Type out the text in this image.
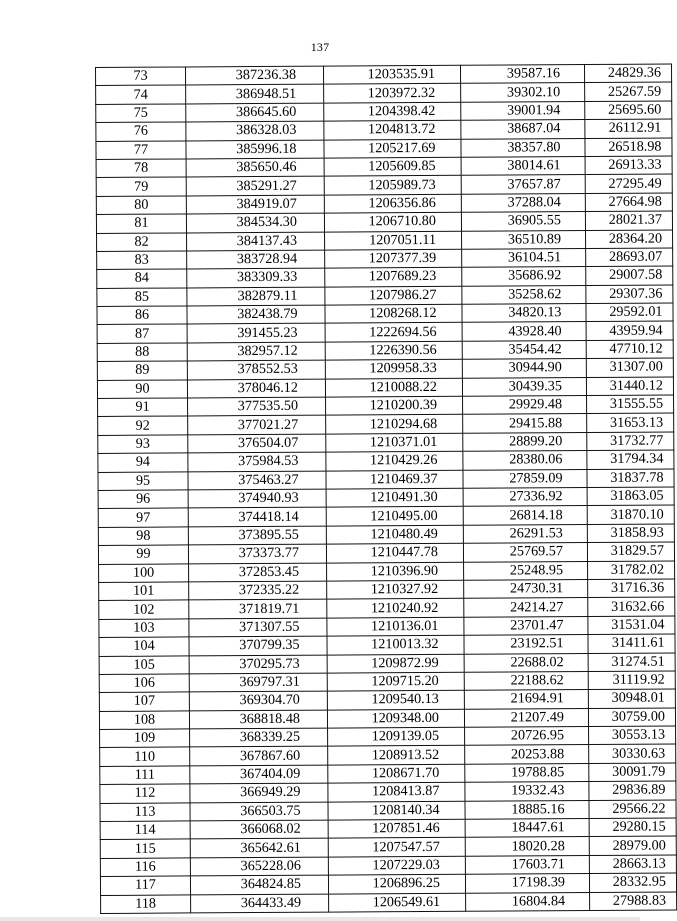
137
73	387236.38	1203535.91	39587.16	24829.36
74	386948.51	1203972.32	39302.10	25267.59
75	386645.60	1204398.42	39001.94	25695.60
76	386328.03	1204813.72	38687.04	26112.91
77	385996.18	1205217.69	38357.80	26518.98
78	385650.46	1205609.85	38014.61	26913.33
79	385291.27	1205989.73	37657.87	27295.49
80	384919.07	1206356.86	37288.04	27664.98
81	384534.30	1206710.80	36905.55	28021.37
82	384137.43	1207051.11	36510.89	28364.20
83	383728.94	1207377.39	36104.51	28693.07
84	383309.33	1207689.23	35686.92	29007.58
85	382879.11	1207986.27	35258.62	29307.36
86	382438.79	1208268.12	34820.13	29592.01
87	391455.23	1222694.56	43928.40	43959.94
88	382957.12	1226390.56	35454.42	47710.12
89	378552.53	1209958.33	30944.90	31307.00
90	378046.12	1210088.22	30439.35	31440.12
91	377535.50	1210200.39	29929.48	31555.55
92	377021.27	1210294.68	29415.88	31653.13
93	376504.07	1210371.01	28899.20	31732.77
94	375984.53	1210429.26	28380.06	31794.34
95	375463.27	1210469.37	27859.09	31837.78
96	374940.93	1210491.30	27336.92	31863.05
97	374418.14	1210495.00	26814.18	31870.10
98	373895.55	1210480.49	26291.53	31858.93
99	373373.77	1210447.78	25769.57	31829.57
100	372853.45	1210396.90	25248.95	31782.02
101	372335.22	1210327.92	24730.31	31716.36
102	371819.71	1210240.92	24214.27	31632.66
103	371307.55	1210136.01	23701.47	31531.04
104	370799.35	1210013.32	23192.51	31411.61
105	370295.73	1209872.99	22688.02	31274.51
106	369797.31	1209715.20	22188.62	31119.92
107	369304.70	1209540.13	21694.91	30948.01
108	368818.48	1209348.00	21207.49	30759.00
109	368339.25	1209139.05	20726.95	30553.13
110	367867.60	1208913.52	20253.88	30330.63
111	367404.09	1208671.70	19788.85	30091.79
112	366949.29	1208413.87	19332.43	29836.89
113	366503.75	1208140.34	18885.16	29566.22
114	366068.02	1207851.46	18447.61	29280.15
115	365642.61	1207547.57	18020.28	28979.00
116	365228.06	1207229.03	17603.71	28663.13
117	364824.85	1206896.25	17198.39	28332.95
118	364433.49	1206549.61	16804.84	27988.83
